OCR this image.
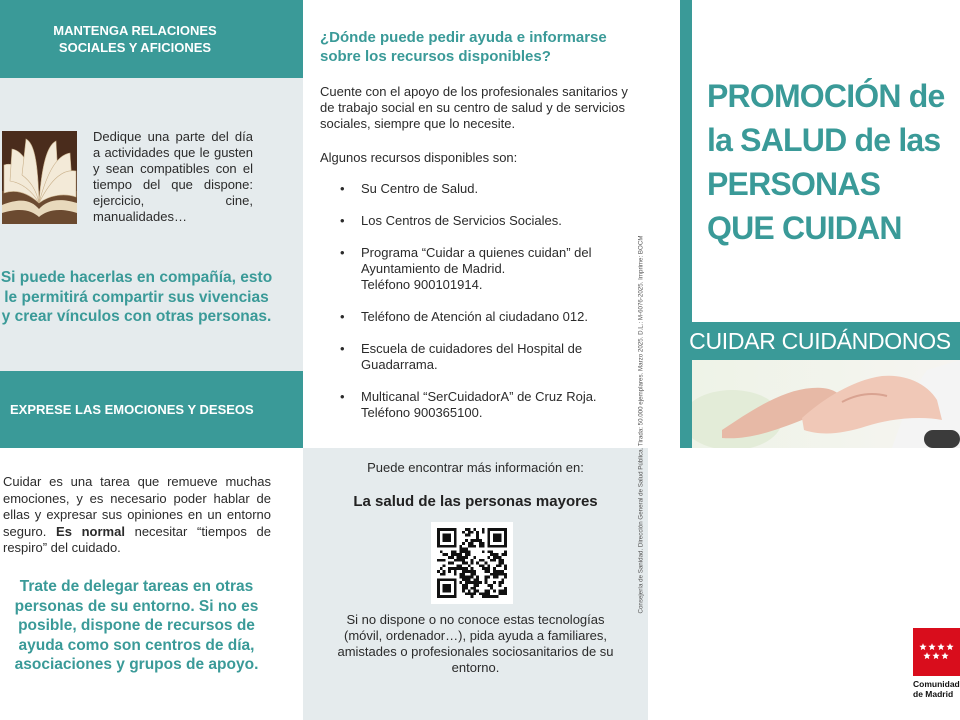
MANTENGA RELACIONES
SOCIALES Y AFICIONES
Dedique una parte del día a actividades que le gusten y sean compatibles con el tiempo del que dispone: ejercicio, cine, manualidades…
Si puede hacerlas en compañía, esto le permitirá compartir sus vivencias y crear vínculos con otras personas.
EXPRESE LAS EMOCIONES Y DESEOS
Cuidar es una tarea que remueve muchas emociones, y es necesario poder hablar de ellas y expresar sus opiniones en un entorno seguro. Es normal necesitar “tiempos de respiro” del cuidado.
Trate de delegar tareas en otras personas de su entorno. Si no es posible, dispone de recursos de ayuda como son centros de día, asociaciones y grupos de apoyo.
¿Dónde puede pedir ayuda e informarse sobre los recursos disponibles?
Cuente con el apoyo de los profesionales sanitarios y de trabajo social en su centro de salud y de servicios sociales, siempre que lo necesite.
Algunos recursos disponibles son:
• Su Centro de Salud.
• Los Centros de Servicios Sociales.
• Programa “Cuidar a quienes cuidan” del Ayuntamiento de Madrid.
Teléfono 900101914.
• Teléfono de Atención al ciudadano 012.
• Escuela de cuidadores del Hospital de Guadarrama.
• Multicanal “SerCuidadorA” de Cruz Roja.
Teléfono 900365100.
Puede encontrar más información en:
La salud de las personas mayores
Si no dispone o no conoce estas tecnologías (móvil, ordenador…), pida ayuda a familiares, amistades o profesionales sociosanitarios de su entorno.
Consejería de Sanidad. Dirección General de Salud Pública. Tirada: 50.000 ejemplares. Marzo 2025. D.L.: M-6076-2025. Imprime: BOCM
PROMOCIÓN de
la SALUD de las
PERSONAS
QUE CUIDAN
CUIDAR CUIDÁNDONOS
Comunidad
de Madrid
